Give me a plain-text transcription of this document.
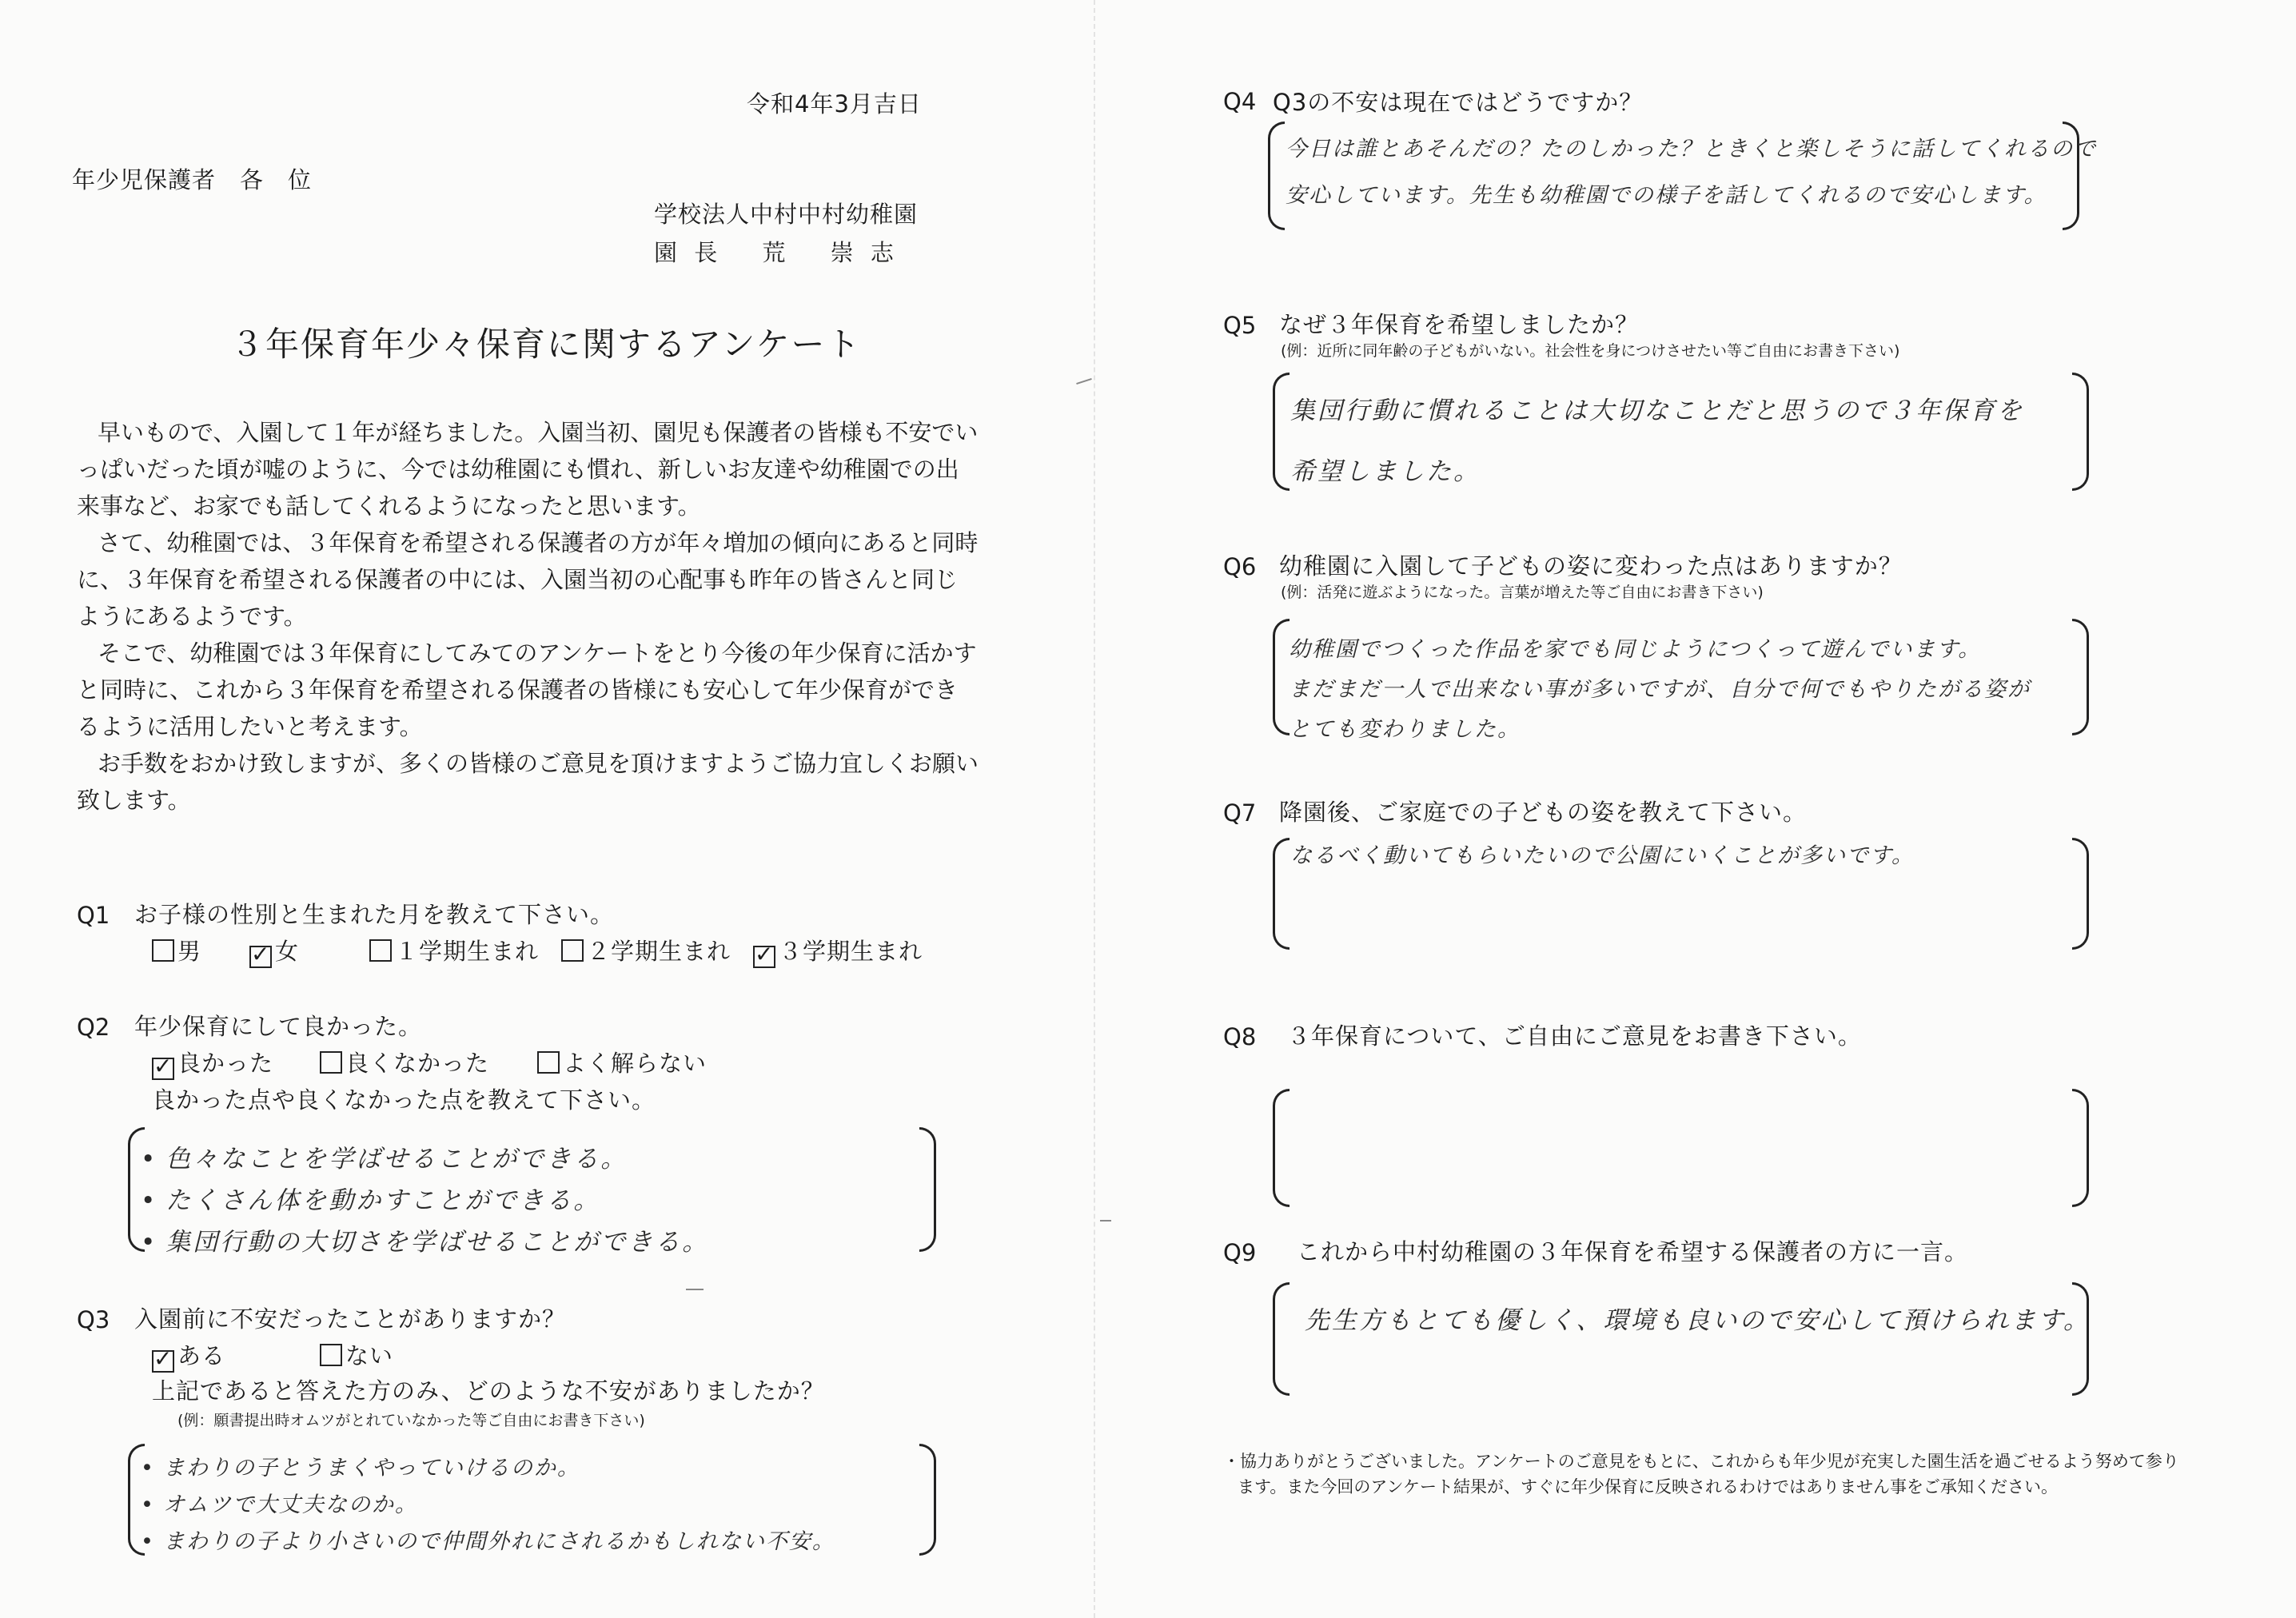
令和4年3月吉日
年少児保護者　各　位
学校法人中村中村幼稚園
園 長　 荒　 崇 志
３年保育年少々保育に関するアンケート
早いもので、入園して１年が経ちました。入園当初、園児も保護者の皆様も不安でいっぱいだった頃が嘘のように、今では幼稚園にも慣れ、新しいお友達や幼稚園での出来事など、お家でも話してくれるようになったと思います。
さて、幼稚園では、３年保育を希望される保護者の方が年々増加の傾向にあると同時に、３年保育を希望される保護者の中には、入園当初の心配事も昨年の皆さんと同じようにあるようです。
そこで、幼稚園では３年保育にしてみてのアンケートをとり今後の年少保育に活かすと同時に、これから３年保育を希望される保護者の皆様にも安心して年少保育ができるように活用したいと考えます。
お手数をおかけ致しますが、多くの皆様のご意見を頂けますようご協力宜しくお願い致します。
Q1 お子様の性別と生まれた月を教えて下さい。
男 ✓ 女	１学期生まれ	２学期生まれ ✓ ３学期生まれ
Q2 年少保育にして良かった。
✓ 良かった	良くなかった	よく解らない
良かった点や良くなかった点を教えて下さい。
• 色々なことを学ばせることができる。
• たくさん体を動かすことができる。
• 集団行動の大切さを学ばせることができる。
Q3 入園前に不安だったことがありますか？
✓ ある	ない
上記であると答えた方のみ、どのような不安がありましたか？
(例：願書提出時オムツがとれていなかった等ご自由にお書き下さい)
• まわりの子とうまくやっていけるのか。
• オムツで大丈夫なのか。
• まわりの子より小さいので仲間外れにされるかもしれない不安。
Q4 Q3の不安は現在ではどうですか？
今日は誰とあそんだの？たのしかった？ときくと楽しそうに話してくれるので
安心しています。先生も幼稚園での様子を話してくれるので安心します。
Q5 なぜ３年保育を希望しましたか？
(例：近所に同年齢の子どもがいない。社会性を身につけさせたい等ご自由にお書き下さい)
集団行動に慣れることは大切なことだと思うので３年保育を
希望しました。
Q6 幼稚園に入園して子どもの姿に変わった点はありますか？
(例：活発に遊ぶようになった。言葉が増えた等ご自由にお書き下さい)
幼稚園でつくった作品を家でも同じようにつくって遊んでいます。
まだまだ一人で出来ない事が多いですが、自分で何でもやりたがる姿が
とても変わりました。
Q7 降園後、ご家庭での子どもの姿を教えて下さい。
なるべく動いてもらいたいので公園にいくことが多いです。
Q8 ３年保育について、ご自由にご意見をお書き下さい。
Q9 これから中村幼稚園の３年保育を希望する保護者の方に一言。
先生方もとても優しく、環境も良いので安心して預けられます。
・協力ありがとうございました。アンケートのご意見をもとに、これからも年少児が充実した園生活を過ごせるよう努めて参り
ます。また今回のアンケート結果が、すぐに年少保育に反映されるわけではありません事をご承知ください。
